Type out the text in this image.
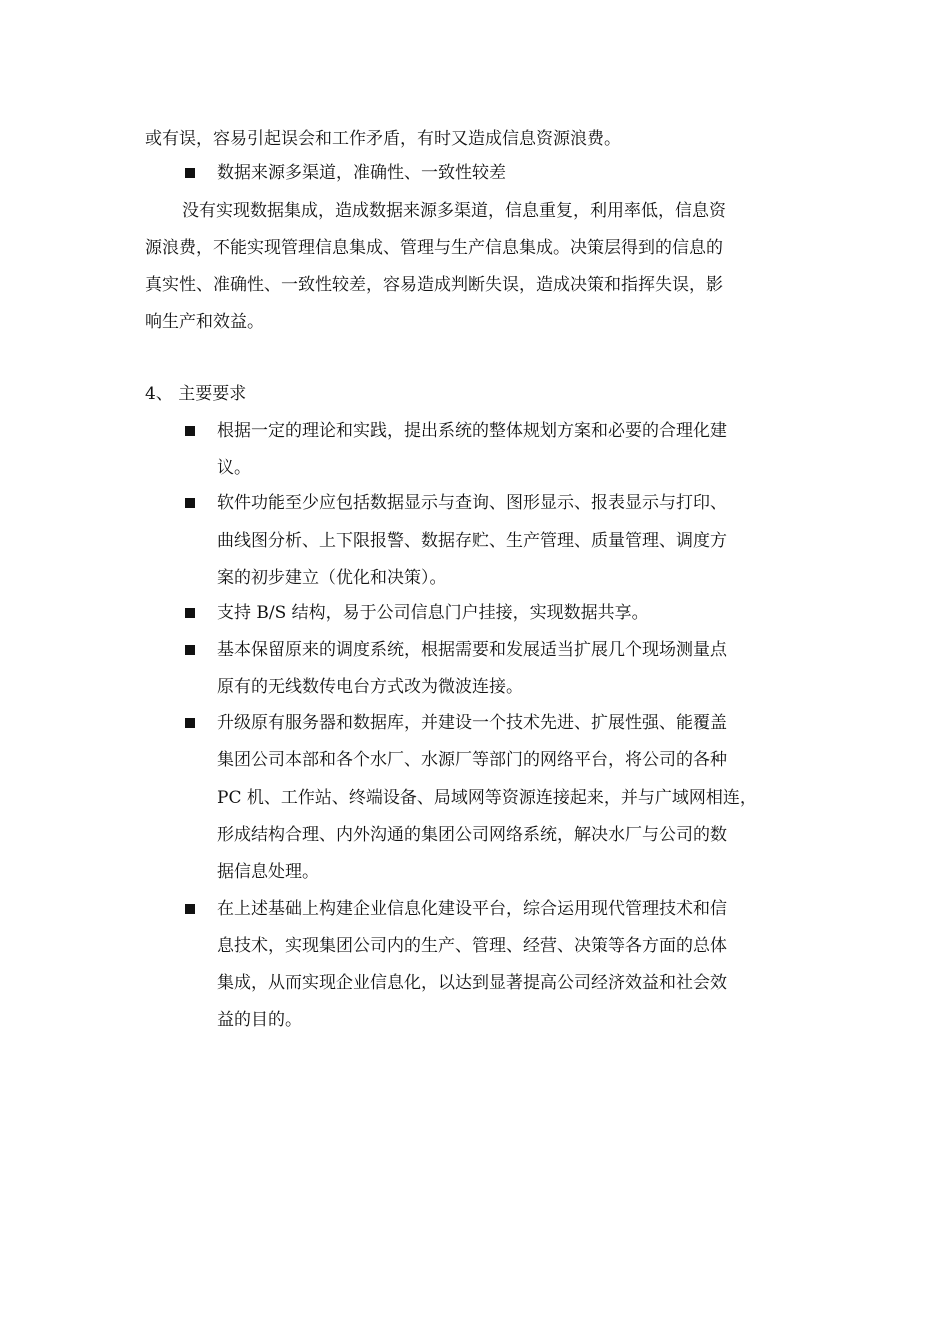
或有误，容易引起误会和工作矛盾，有时又造成信息资源浪费。
数据来源多渠道，准确性、一致性较差
没有实现数据集成，造成数据来源多渠道，信息重复，利用率低，信息资
源浪费，不能实现管理信息集成、管理与生产信息集成。决策层得到的信息的
真实性、准确性、一致性较差，容易造成判断失误，造成决策和指挥失误，影
响生产和效益。
4、 主要要求
根据一定的理论和实践，提出系统的整体规划方案和必要的合理化建
议。
软件功能至少应包括数据显示与查询、图形显示、报表显示与打印、
曲线图分析、上下限报警、数据存贮、生产管理、质量管理、调度方
案的初步建立（优化和决策）。
支持 B/S 结构，易于公司信息门户挂接，实现数据共享。
基本保留原来的调度系统，根据需要和发展适当扩展几个现场测量点
原有的无线数传电台方式改为微波连接。
升级原有服务器和数据库，并建设一个技术先进、扩展性强、能覆盖
集团公司本部和各个水厂、水源厂等部门的网络平台，将公司的各种
PC 机、工作站、终端设备、局域网等资源连接起来，并与广域网相连，
形成结构合理、内外沟通的集团公司网络系统，解决水厂与公司的数
据信息处理。
在上述基础上构建企业信息化建设平台，综合运用现代管理技术和信
息技术，实现集团公司内的生产、管理、经营、决策等各方面的总体
集成，从而实现企业信息化，以达到显著提高公司经济效益和社会效
益的目的。
